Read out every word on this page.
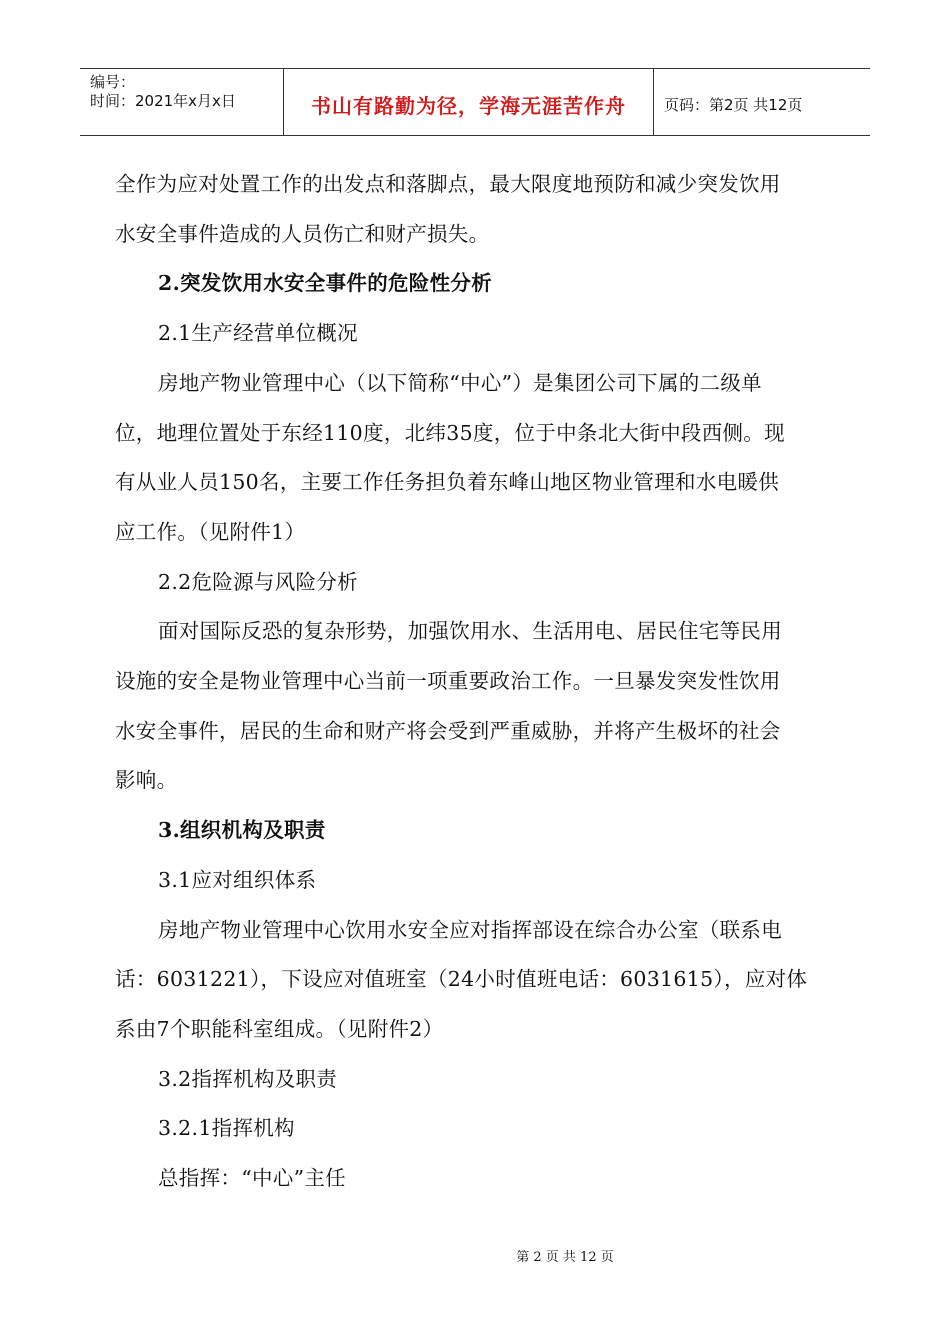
编号：
时间：2021年x月x日	书山有路勤为径，学海无涯苦作舟	页码：第2页 共12页

全作为应对处置工作的出发点和落脚点，最大限度地预防和减少突发饮用

水安全事件造成的人员伤亡和财产损失。

2.突发饮用水安全事件的危险性分析

2.1生产经营单位概况

房地产物业管理中心（以下简称“中心”）是集团公司下属的二级单

位，地理位置处于东经110度，北纬35度，位于中条北大街中段西侧。现

有从业人员150名，主要工作任务担负着东峰山地区物业管理和水电暖供

应工作。（见附件1）

2.2危险源与风险分析

面对国际反恐的复杂形势，加强饮用水、生活用电、居民住宅等民用

设施的安全是物业管理中心当前一项重要政治工作。一旦暴发突发性饮用

水安全事件，居民的生命和财产将会受到严重威胁，并将产生极坏的社会

影响。

3.组织机构及职责

3.1应对组织体系

房地产物业管理中心饮用水安全应对指挥部设在综合办公室（联系电

话：6031221），下设应对值班室（24小时值班电话：6031615），应对体

系由7个职能科室组成。（见附件2）

3.2指挥机构及职责

3.2.1指挥机构

总指挥：“中心”主任

第 2 页 共 12 页
